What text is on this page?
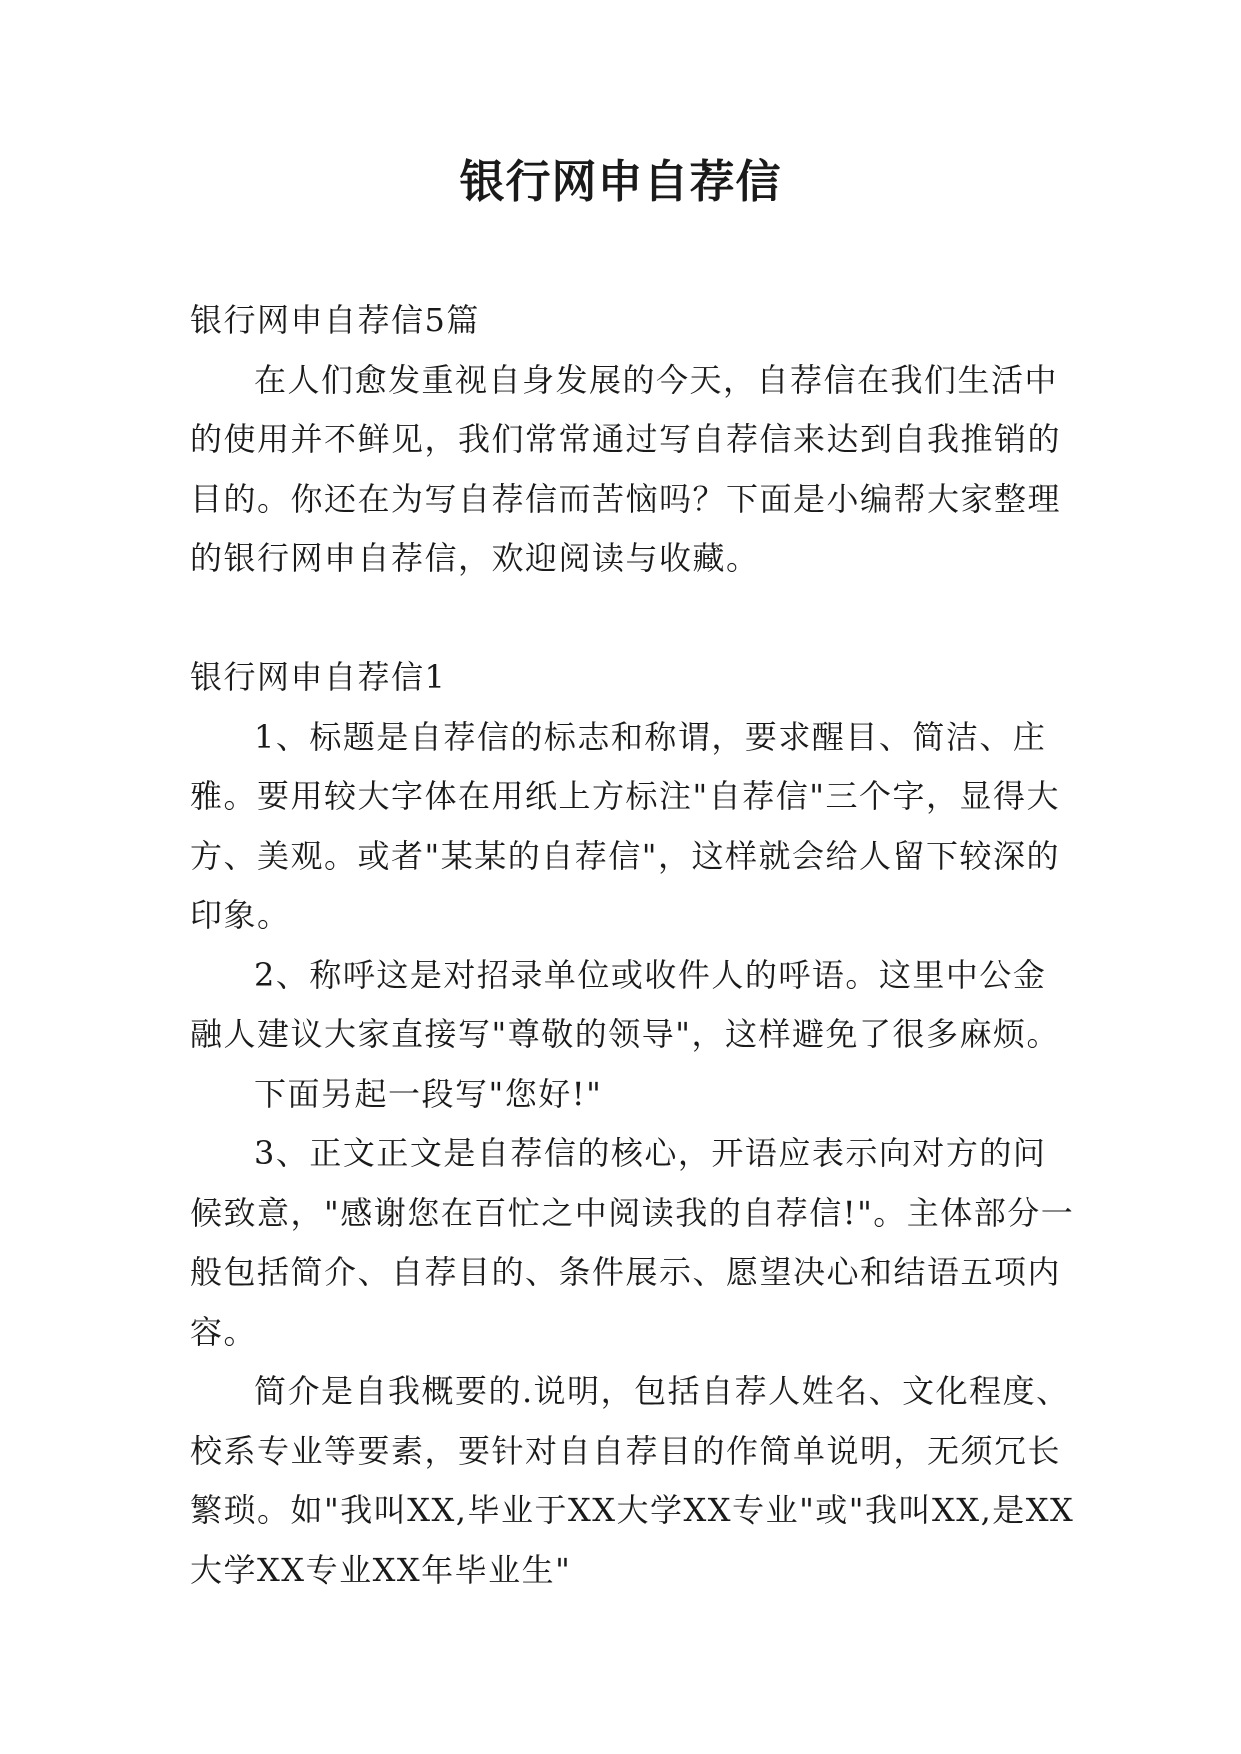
银行网申自荐信

银行网申自荐信5篇

在人们愈发重视自身发展的今天，自荐信在我们生活中的使用并不鲜见，我们常常通过写自荐信来达到自我推销的目的。你还在为写自荐信而苦恼吗？下面是小编帮大家整理的银行网申自荐信，欢迎阅读与收藏。

银行网申自荐信1

1、标题是自荐信的标志和称谓，要求醒目、简洁、庄雅。要用较大字体在用纸上方标注"自荐信"三个字，显得大方、美观。或者"某某的自荐信"，这样就会给人留下较深的印象。

2、称呼这是对招录单位或收件人的呼语。这里中公金融人建议大家直接写"尊敬的领导"，这样避免了很多麻烦。

下面另起一段写"您好!"

3、正文正文是自荐信的核心，开语应表示向对方的问候致意，"感谢您在百忙之中阅读我的自荐信!"。主体部分一般包括简介、自荐目的、条件展示、愿望决心和结语五项内容。

简介是自我概要的.说明，包括自荐人姓名、文化程度、校系专业等要素，要针对自自荐目的作简单说明，无须冗长繁琐。如"我叫XX,毕业于XX大学XX专业"或"我叫XX,是XX大学XX专业XX年毕业生"
